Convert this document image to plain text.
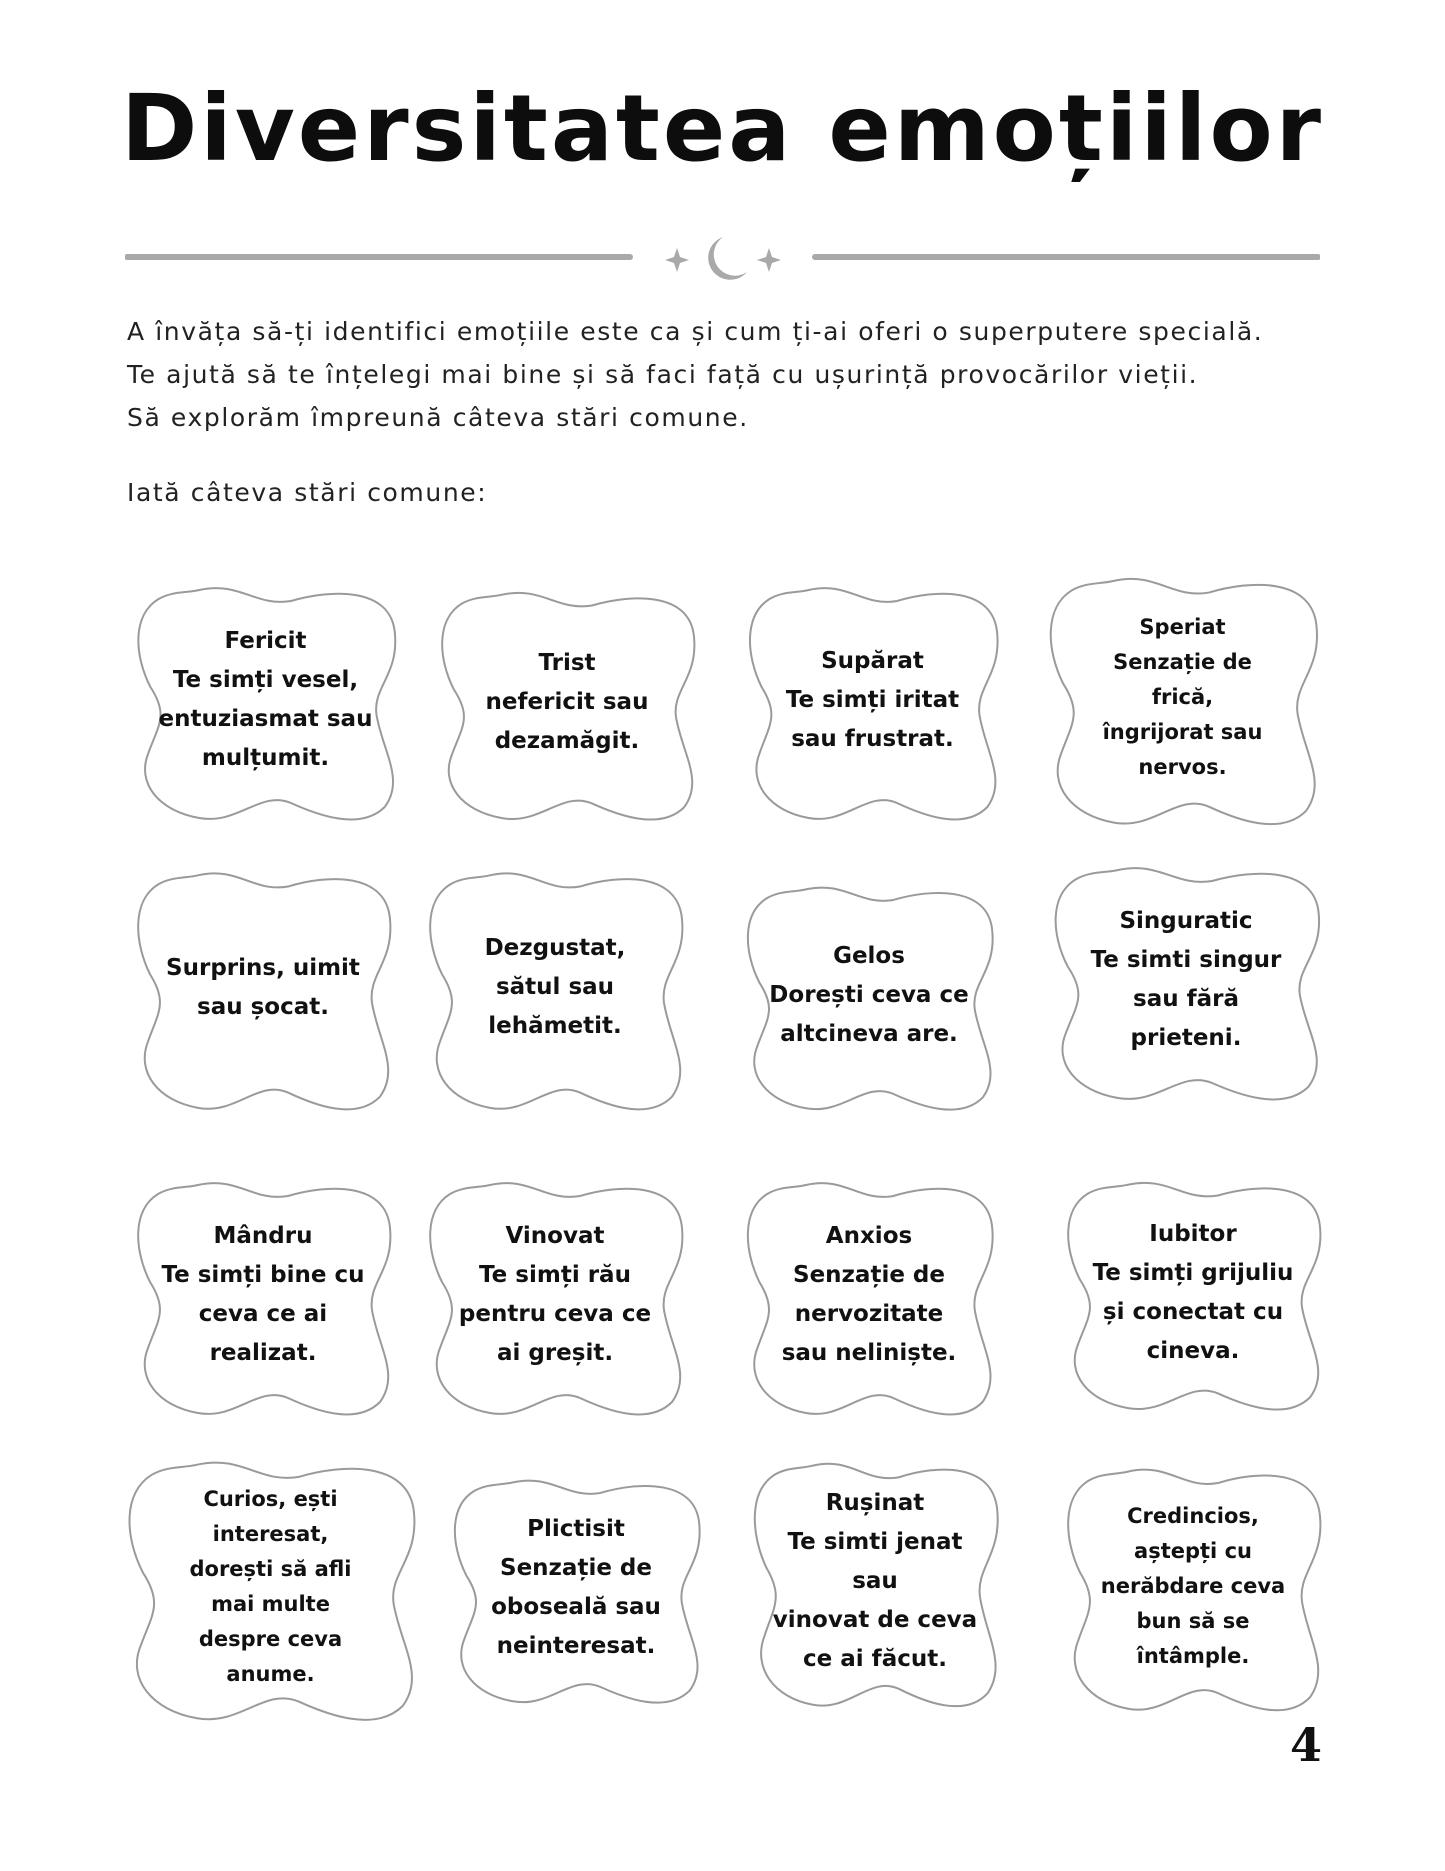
Diversitatea emoțiilor
A învăța să-ți identifici emoțiile este ca și cum ți-ai oferi o superputere specială.
Te ajută să te înțelegi mai bine și să faci față cu ușurință provocărilor vieții.
Să explorăm împreună câteva stări comune.
Iată câteva stări comune:
Fericit
Te simți vesel,
entuziasmat sau
mulțumit.
Trist
nefericit sau
dezamăgit.
Supărat
Te simți iritat
sau frustrat.
Speriat
Senzație de
frică,
îngrijorat sau
nervos.
Surprins, uimit
sau șocat.
Dezgustat,
sătul sau
lehămetit.
Gelos
Dorești ceva ce
altcineva are.
Singuratic
Te simti singur
sau fără
prieteni.
Mândru
Te simți bine cu
ceva ce ai
realizat.
Vinovat
Te simți rău
pentru ceva ce
ai greșit.
Anxios
Senzație de
nervozitate
sau neliniște.
Iubitor
Te simți grijuliu
și conectat cu
cineva.
Curios, ești
interesat,
dorești să afli
mai multe
despre ceva
anume.
Plictisit
Senzație de
oboseală sau
neinteresat.
Rușinat
Te simti jenat sau
vinovat de ceva
ce ai făcut.
Credincios,
aștepți cu
nerăbdare ceva
bun să se
întâmple.
4
